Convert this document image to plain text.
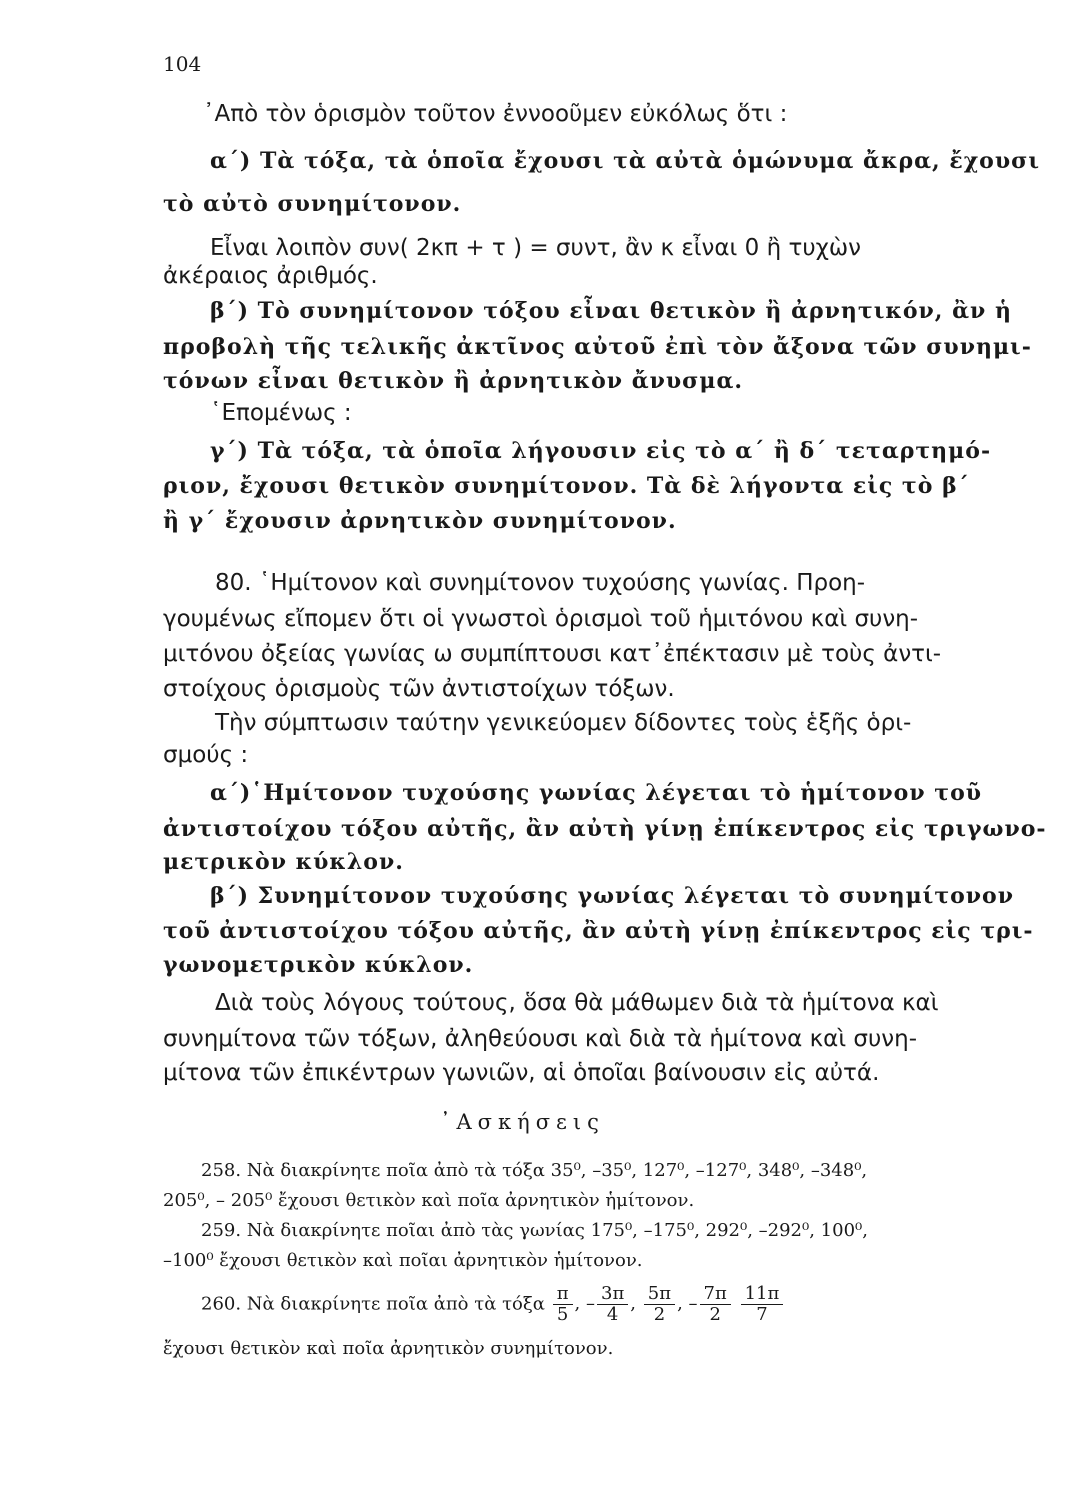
104
᾿Απὸ τὸν ὁρισμὸν τοῦτον ἐννοοῦμεν εὐκόλως ὅτι :
α΄) Τὰ τόξα, τὰ ὁποῖα ἔχουσι τὰ αὐτὰ ὁμώνυμα ἄκρα, ἔχουσι
τὸ αὐτὸ συνημίτονον.
Εἶναι λοιπὸν συν( 2κπ + τ ) = συντ, ἂν κ εἶναι 0 ἢ τυχὼν
ἀκέραιος ἀριθμός.
β΄) Τὸ συνημίτονον τόξου εἶναι θετικὸν ἢ ἀρνητικόν, ἂν ἡ
προβολὴ τῆς τελικῆς ἀκτῖνος αὐτοῦ ἐπὶ τὸν ἄξονα τῶν συνημι-
τόνων εἶναι θετικὸν ἢ ἀρνητικὸν ἄνυσμα.
῾Επομένως :
γ΄) Τὰ τόξα, τὰ ὁποῖα λήγουσιν εἰς τὸ α΄ ἢ δ΄ τεταρτημό-
ριον, ἔχουσι θετικὸν συνημίτονον. Τὰ δὲ λήγοντα εἰς τὸ β΄
ἢ γ΄ ἔχουσιν ἀρνητικὸν συνημίτονον.
80. ῾Ημίτονον καὶ συνημίτονον τυχούσης γωνίας. Προη-
γουμένως εἴπομεν ὅτι οἱ γνωστοὶ ὁρισμοὶ τοῦ ἡμιτόνου καὶ συνη-
μιτόνου ὀξείας γωνίας ω συμπίπτουσι κατ᾿ἐπέκτασιν μὲ τοὺς ἀντι-
στοίχους ὁρισμοὺς τῶν ἀντιστοίχων τόξων.
Τὴν σύμπτωσιν ταύτην γενικεύομεν δίδοντες τοὺς ἑξῆς ὁρι-
σμούς :
α΄)῾Ημίτονον τυχούσης γωνίας λέγεται τὸ ἡμίτονον τοῦ
ἀντιστοίχου τόξου αὐτῆς, ἂν αὐτὴ γίνῃ ἐπίκεντρος εἰς τριγωνο-
μετρικὸν κύκλον.
β΄) Συνημίτονον τυχούσης γωνίας λέγεται τὸ συνημίτονον
τοῦ ἀντιστοίχου τόξου αὐτῆς, ἂν αὐτὴ γίνῃ ἐπίκεντρος εἰς τρι-
γωνομετρικὸν κύκλον.
Διὰ τοὺς λόγους τούτους, ὅσα θὰ μάθωμεν διὰ τὰ ἡμίτονα καὶ
συνημίτονα τῶν τόξων, ἀληθεύουσι καὶ διὰ τὰ ἡμίτονα καὶ συνη-
μίτονα τῶν ἐπικέντρων γωνιῶν, αἱ ὁποῖαι βαίνουσιν εἰς αὐτά.
᾿Ασκήσεις
258. Νὰ διακρίνητε ποῖα ἀπὸ τὰ τόξα 35⁰, –35⁰, 127⁰, –127⁰, 348⁰, –348⁰,
205⁰, – 205⁰ ἔχουσι θετικὸν καὶ ποῖα ἀρνητικὸν ἡμίτονον.
259. Νὰ διακρίνητε ποῖαι ἀπὸ τὰς γωνίας 175⁰, –175⁰, 292⁰, –292⁰, 100⁰,
–100⁰ ἔχουσι θετικὸν καὶ ποῖαι ἀρνητικὸν ἡμίτονον.
260. Νὰ διακρίνητε ποῖα ἀπὸ τὰ τόξα $\frac{\pi}{5}$ , – $\frac{3\pi}{4}$ , $\frac{5\pi}{2}$ , – $\frac{7\pi}{2}$
$\frac{11\pi}{7}$
ἔχουσι θετικὸν καὶ ποῖα ἀρνητικὸν συνημίτονον.
